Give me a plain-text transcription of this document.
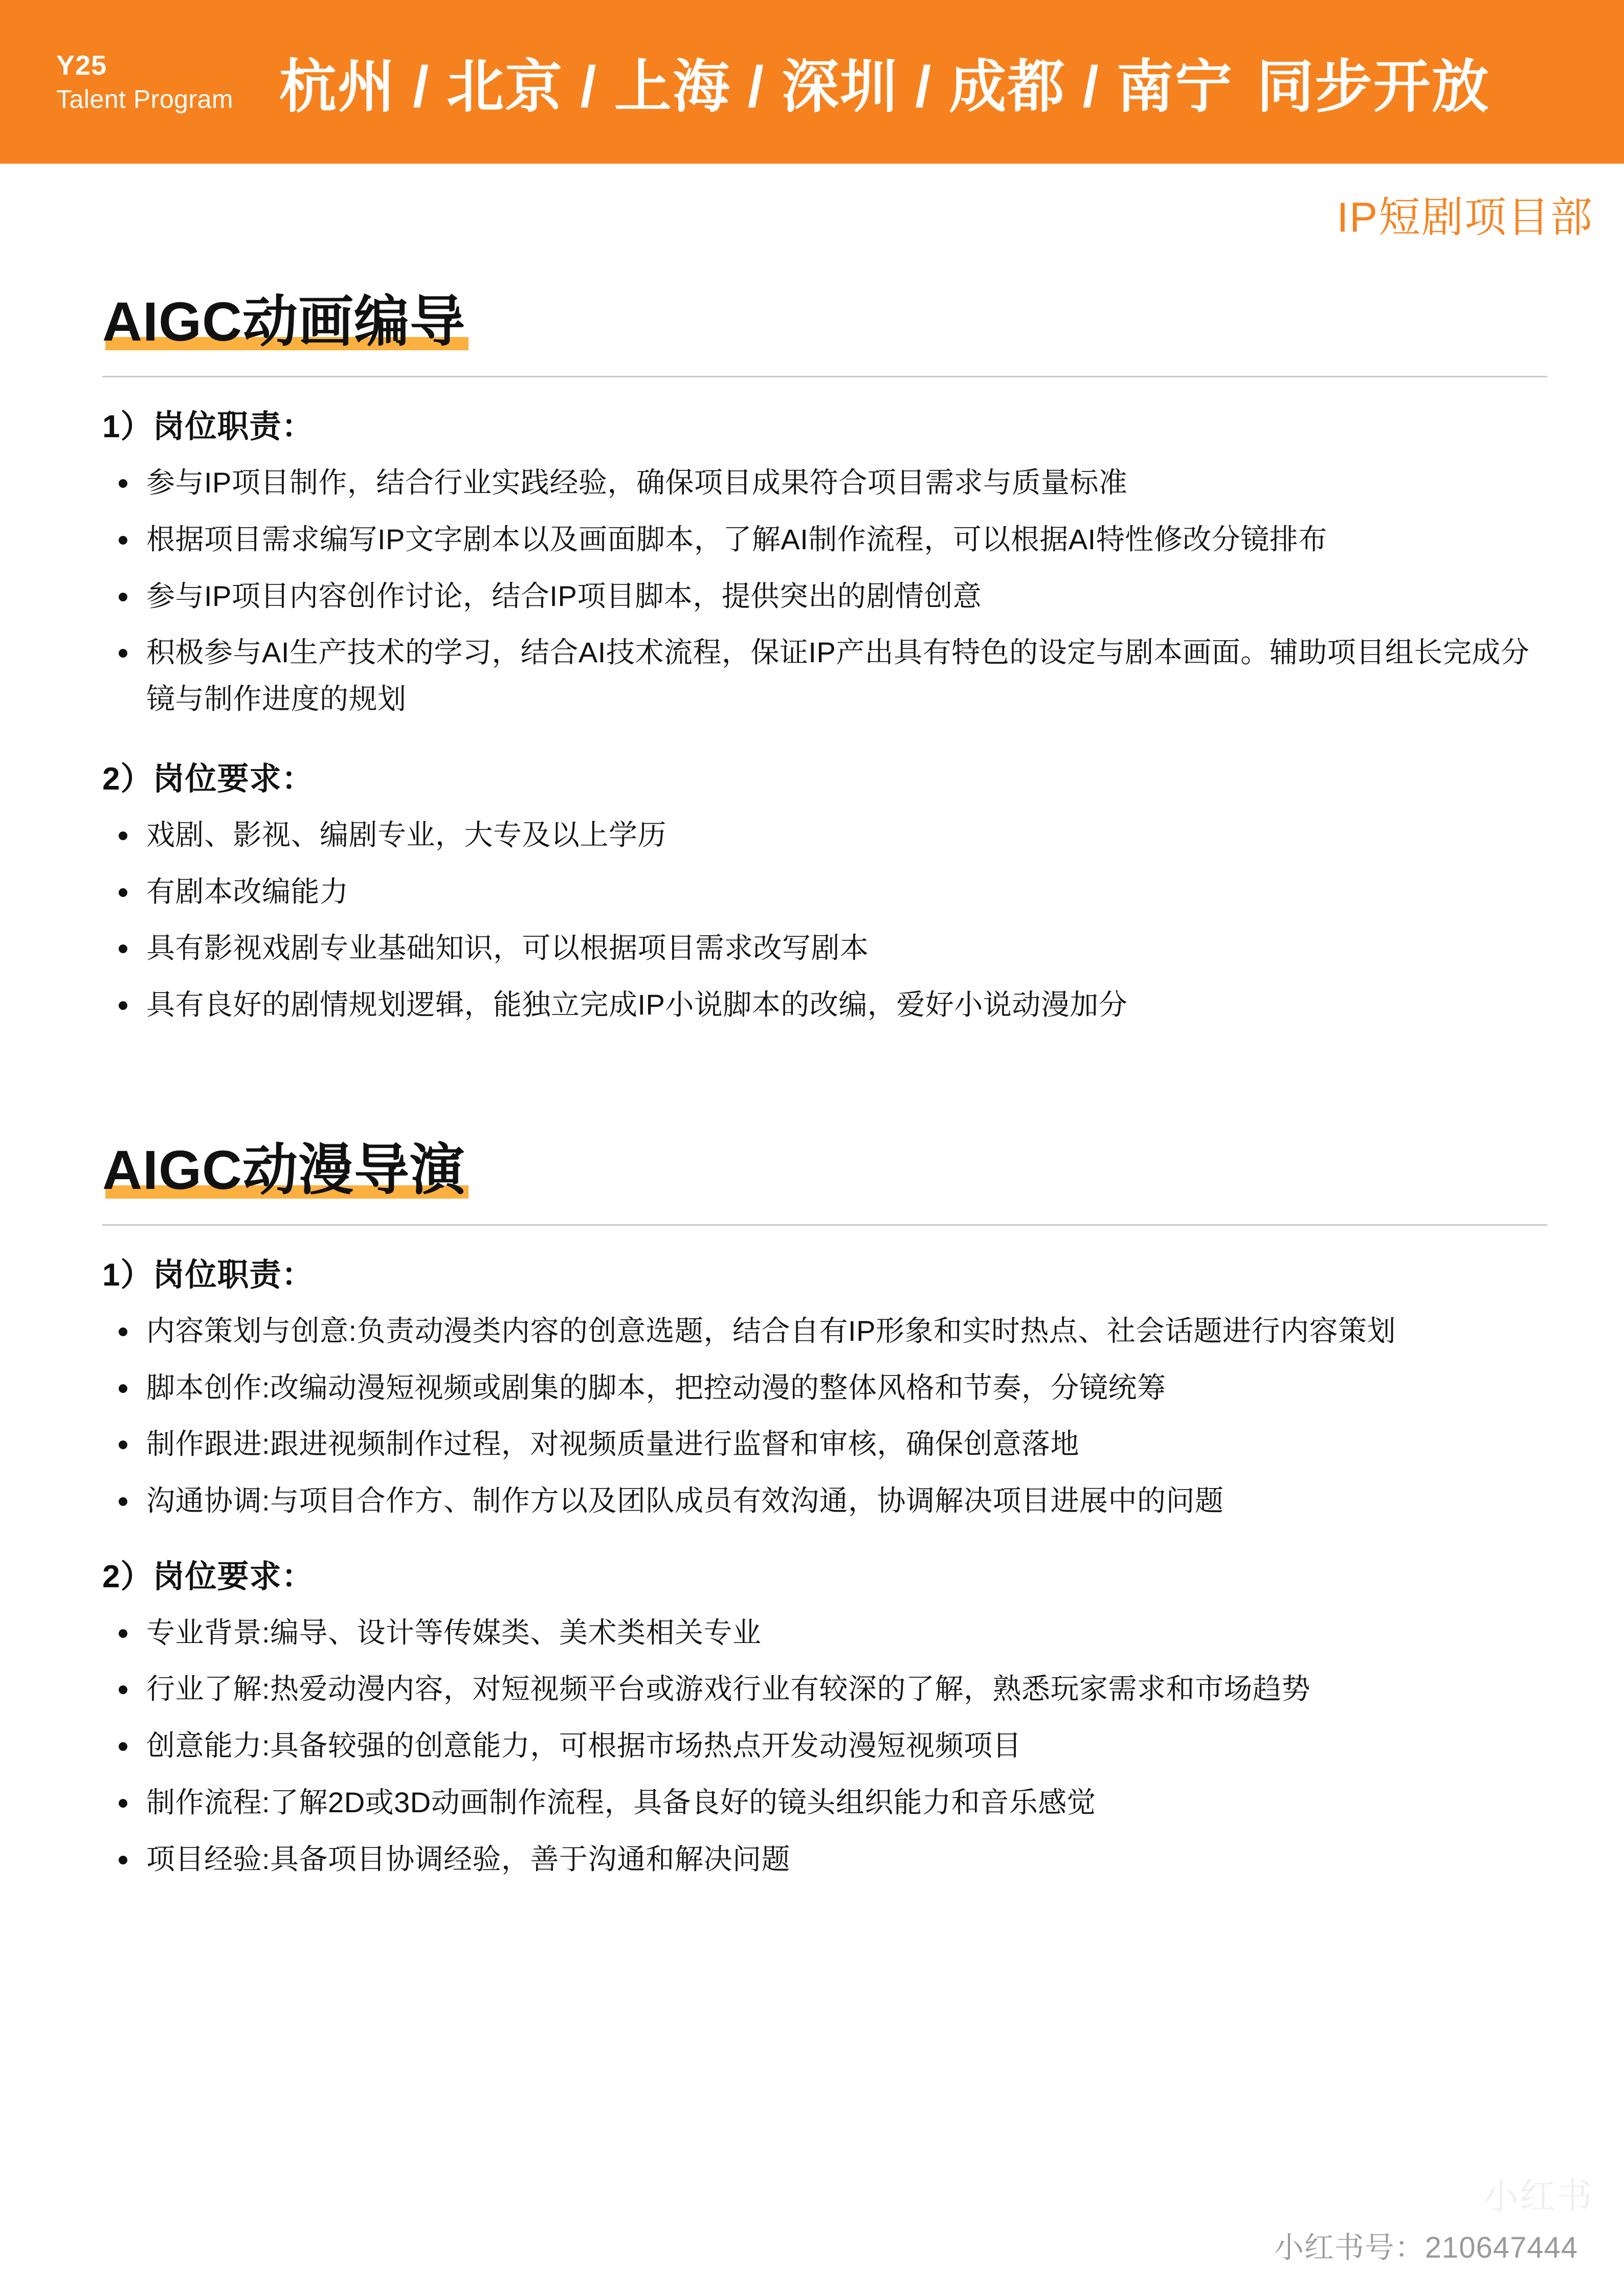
Y25
Talent Program 杭州 / 北京 / 上海 / 深圳 / 成都 / 南宁 同步开放
IP短剧项目部
AIGC动画编导
1）岗位职责：
参与IP项目制作，结合行业实践经验，确保项目成果符合项目需求与质量标准
根据项目需求编写IP文字剧本以及画面脚本，了解AI制作流程，可以根据AI特性修改分镜排布
参与IP项目内容创作讨论，结合IP项目脚本，提供突出的剧情创意
积极参与AI生产技术的学习，结合AI技术流程，保证IP产出具有特色的设定与剧本画面。辅助项目组长完成分镜与制作进度的规划
2）岗位要求：
戏剧、影视、编剧专业，大专及以上学历
有剧本改编能力
具有影视戏剧专业基础知识，可以根据项目需求改写剧本
具有良好的剧情规划逻辑，能独立完成IP小说脚本的改编，爱好小说动漫加分
AIGC动漫导演
1）岗位职责：
内容策划与创意:负责动漫类内容的创意选题，结合自有IP形象和实时热点、社会话题进行内容策划
脚本创作:改编动漫短视频或剧集的脚本，把控动漫的整体风格和节奏，分镜统筹
制作跟进:跟进视频制作过程，对视频质量进行监督和审核，确保创意落地
沟通协调:与项目合作方、制作方以及团队成员有效沟通，协调解决项目进展中的问题
2）岗位要求：
专业背景:编导、设计等传媒类、美术类相关专业
行业了解:热爱动漫内容，对短视频平台或游戏行业有较深的了解，熟悉玩家需求和市场趋势
创意能力:具备较强的创意能力，可根据市场热点开发动漫短视频项目
制作流程:了解2D或3D动画制作流程，具备良好的镜头组织能力和音乐感觉
项目经验:具备项目协调经验，善于沟通和解决问题
小红书
小红书号：210647444
